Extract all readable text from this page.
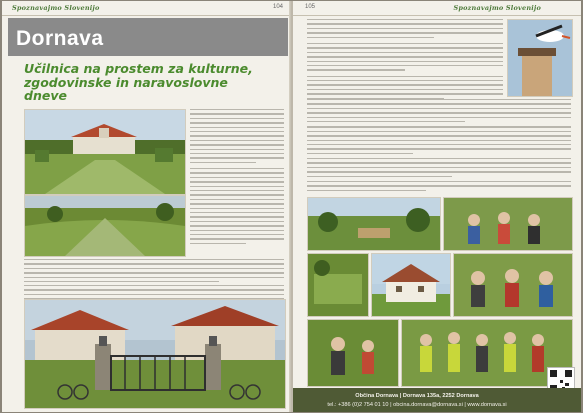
Spoznavajmo Slovenijo	104
Dornava
Učilnica na prostem za kulturne, zgodovinske in naravoslovne dneve
105	Spoznavajmo Slovenijo
Občina Dornava | Dornava 135a, 2252 Dornava
tel.: +386 (0)2 754 01 10 | obcina.dornava@dornava.si | www.dornava.si
